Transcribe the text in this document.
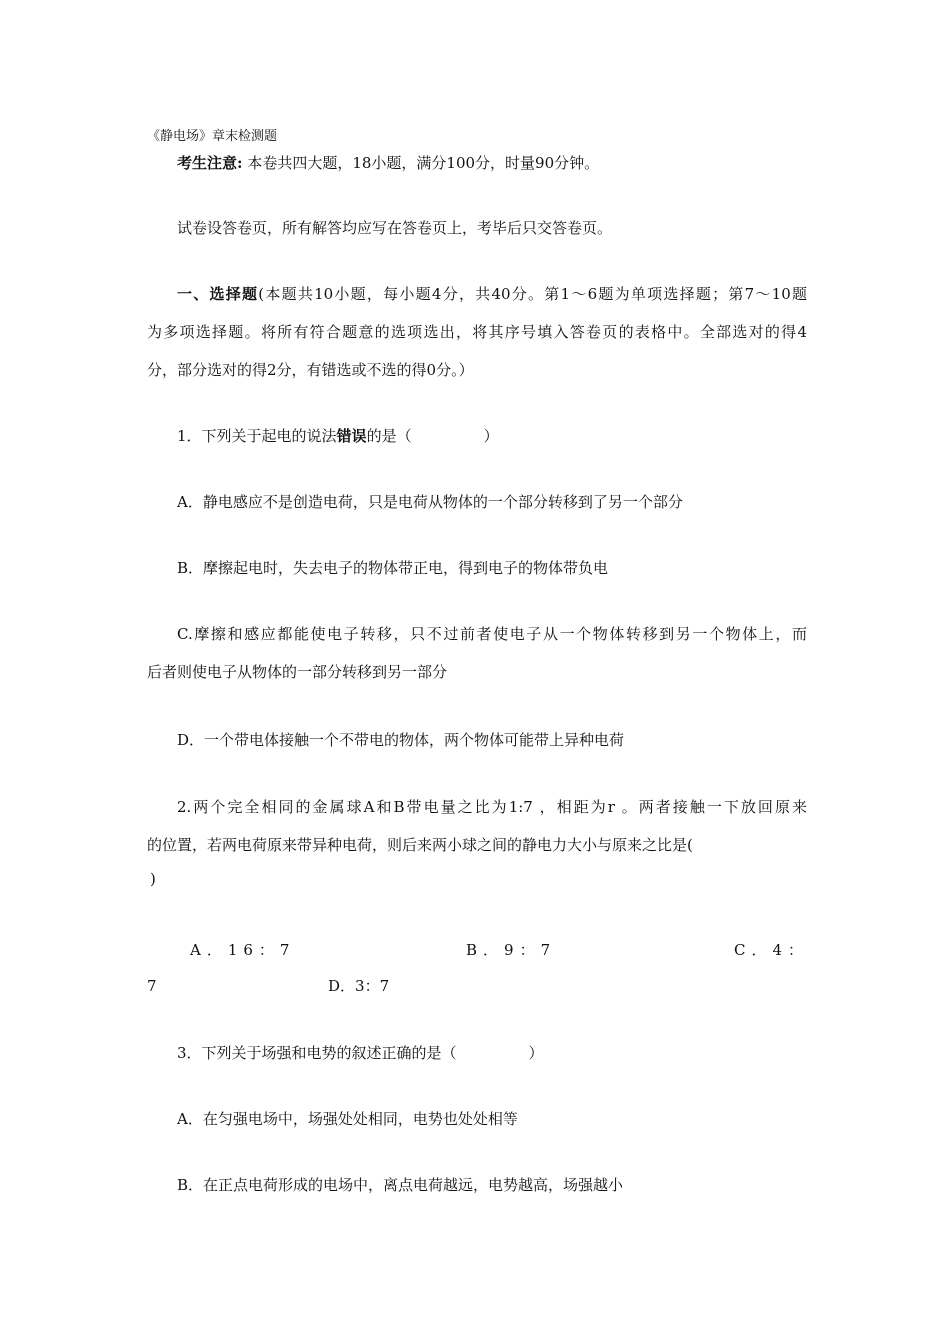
《静电场》章末检测题
考生注意: 本卷共四大题，18小题，满分100分，时量90分钟。
试卷设答卷页，所有解答均应写在答卷页上，考毕后只交答卷页。
一、选择题(本题共10小题，每小题4分，共40分。第1～6题为单项选择题；第7～10题
为多项选择题。将所有符合题意的选项选出，将其序号填入答卷页的表格中。全部选对的得4
分，部分选对的得2分，有错选或不选的得0分。）
1．下列关于起电的说法错误的是（	）
A．静电感应不是创造电荷，只是电荷从物体的一个部分转移到了另一个部分
B．摩擦起电时，失去电子的物体带正电，得到电子的物体带负电
C.摩擦和感应都能使电子转移，只不过前者使电子从一个物体转移到另一个物体上，而
后者则使电子从物体的一部分转移到另一部分
D．一个带电体接触一个不带电的物体，两个物体可能带上异种电荷
2.两个完全相同的金属球A和B带电量之比为1:7 ，相距为r 。两者接触一下放回原来
的位置，若两电荷原来带异种电荷，则后来两小球之间的静电力大小与原来之比是(
)
A．16：7	B．9：7	C．4：
7	D．3：7
3．下列关于场强和电势的叙述正确的是（	）
A．在匀强电场中，场强处处相同，电势也处处相等
B．在正点电荷形成的电场中，离点电荷越远，电势越高，场强越小
